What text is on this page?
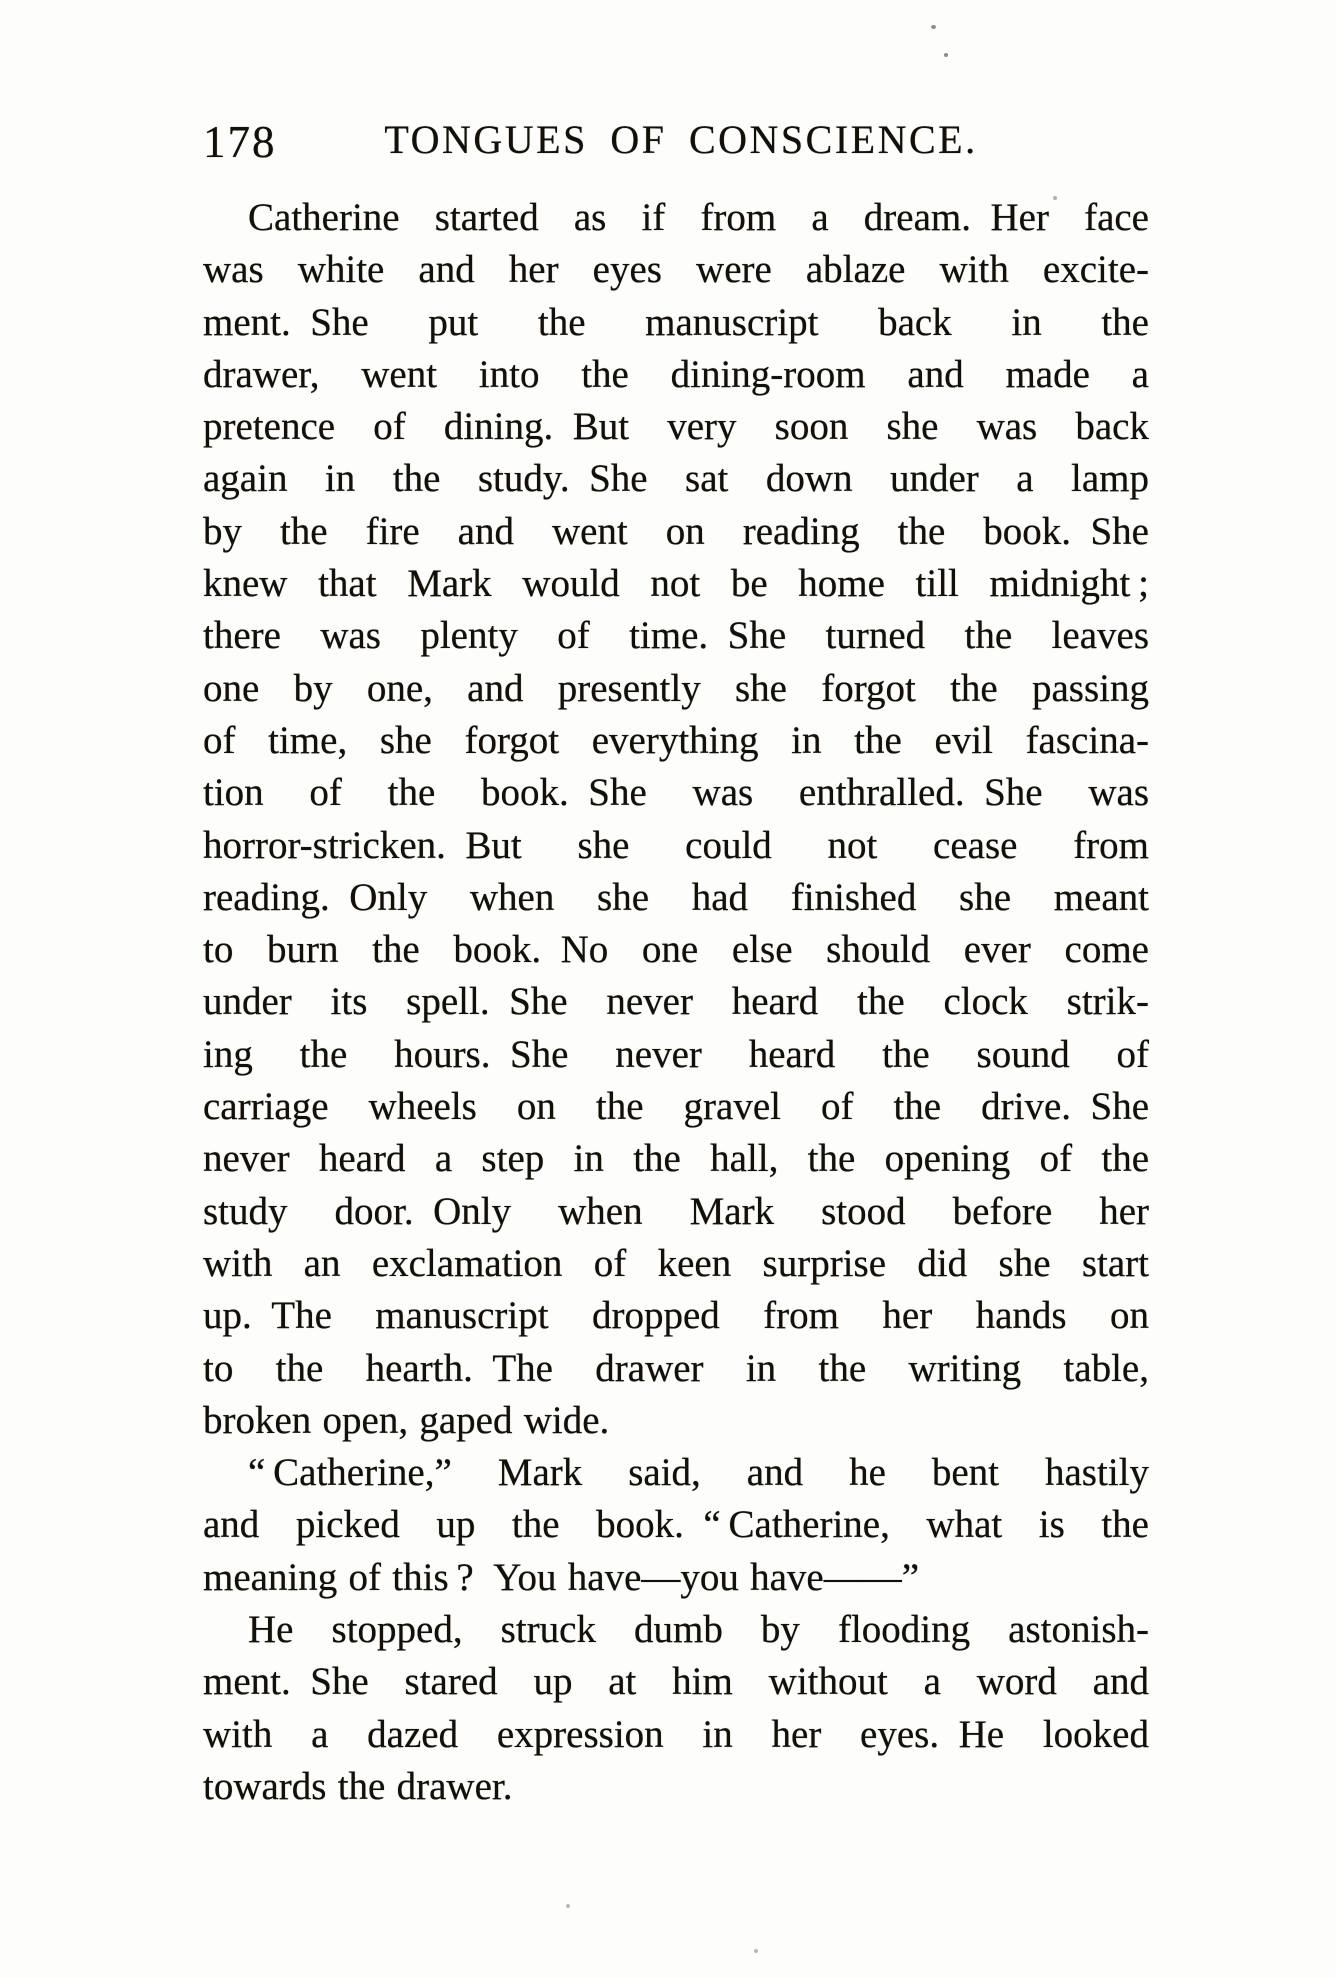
178	TONGUES OF CONSCIENCE.
Catherine started as if from a dream. Her face
was white and her eyes were ablaze with excite-
ment. She put the manuscript back in the
drawer, went into the dining-room and made a
pretence of dining. But very soon she was back
again in the study. She sat down under a lamp
by the fire and went on reading the book. She
knew that Mark would not be home till midnight ;
there was plenty of time. She turned the leaves
one by one, and presently she forgot the passing
of time, she forgot everything in the evil fascina-
tion of the book. She was enthralled. She was
horror-stricken. But she could not cease from
reading. Only when she had finished she meant
to burn the book. No one else should ever come
under its spell. She never heard the clock strik-
ing the hours. She never heard the sound of
carriage wheels on the gravel of the drive. She
never heard a step in the hall, the opening of the
study door. Only when Mark stood before her
with an exclamation of keen surprise did she start
up. The manuscript dropped from her hands on
to the hearth. The drawer in the writing table,
broken open, gaped wide.
“ Catherine,” Mark said, and he bent hastily
and picked up the book. “ Catherine, what is the
meaning of this ? You have—you have——”
He stopped, struck dumb by flooding astonish-
ment. She stared up at him without a word and
with a dazed expression in her eyes. He looked
towards the drawer.
